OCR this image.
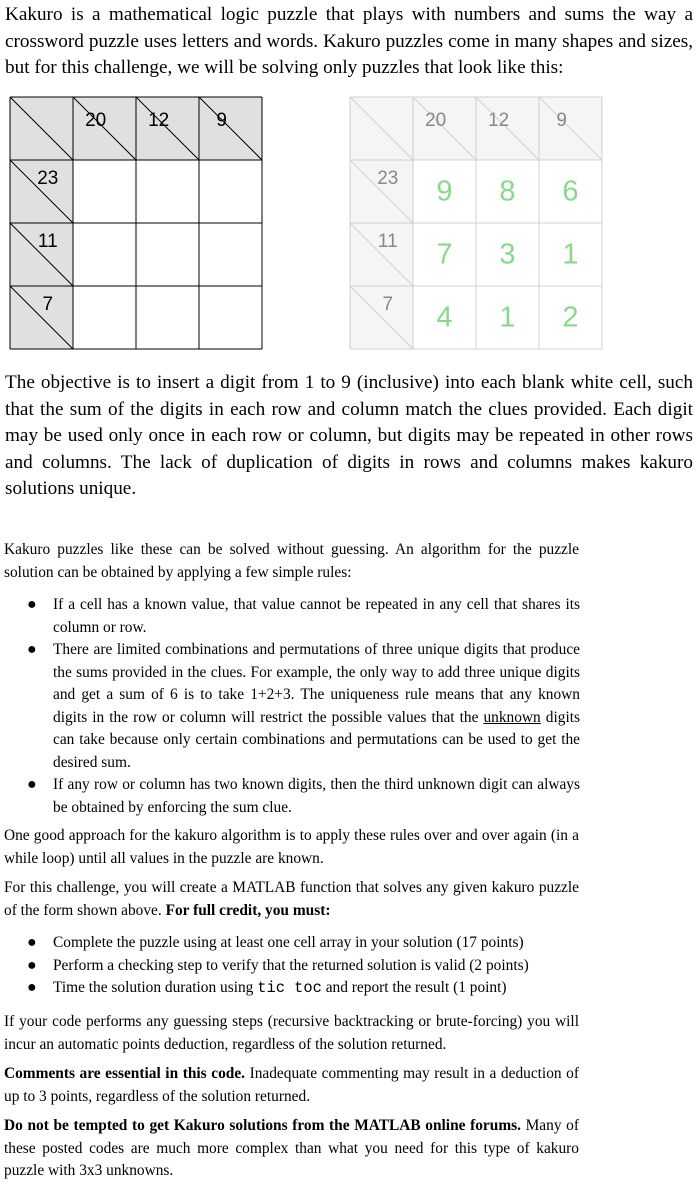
Kakuro is a mathematical logic puzzle that plays with numbers and sums the way a crossword puzzle uses letters and words. Kakuro puzzles come in many shapes and sizes, but for this challenge, we will be solving only puzzles that look like this:

20 12 9
23
11
7
20 12 9
23
11
7
9 8 6
7 3 1
4 1 2

The objective is to insert a digit from 1 to 9 (inclusive) into each blank white cell, such that the sum of the digits in each row and column match the clues provided. Each digit may be used only once in each row or column, but digits may be repeated in other rows and columns. The lack of duplication of digits in rows and columns makes kakuro solutions unique.

Kakuro puzzles like these can be solved without guessing. An algorithm for the puzzle solution can be obtained by applying a few simple rules:

● If a cell has a known value, that value cannot be repeated in any cell that shares its column or row.
● There are limited combinations and permutations of three unique digits that produce the sums provided in the clues. For example, the only way to add three unique digits and get a sum of 6 is to take 1+2+3. The uniqueness rule means that any known digits in the row or column will restrict the possible values that the unknown digits can take because only certain combinations and permutations can be used to get the desired sum.
● If any row or column has two known digits, then the third unknown digit can always be obtained by enforcing the sum clue.

One good approach for the kakuro algorithm is to apply these rules over and over again (in a while loop) until all values in the puzzle are known.

For this challenge, you will create a MATLAB function that solves any given kakuro puzzle of the form shown above. For full credit, you must:

● Complete the puzzle using at least one cell array in your solution (17 points)
● Perform a checking step to verify that the returned solution is valid (2 points)
● Time the solution duration using tic toc and report the result (1 point)

If your code performs any guessing steps (recursive backtracking or brute-forcing) you will incur an automatic points deduction, regardless of the solution returned.

Comments are essential in this code. Inadequate commenting may result in a deduction of up to 3 points, regardless of the solution returned.

Do not be tempted to get Kakuro solutions from the MATLAB online forums. Many of these posted codes are much more complex than what you need for this type of kakuro puzzle with 3x3 unknowns.
